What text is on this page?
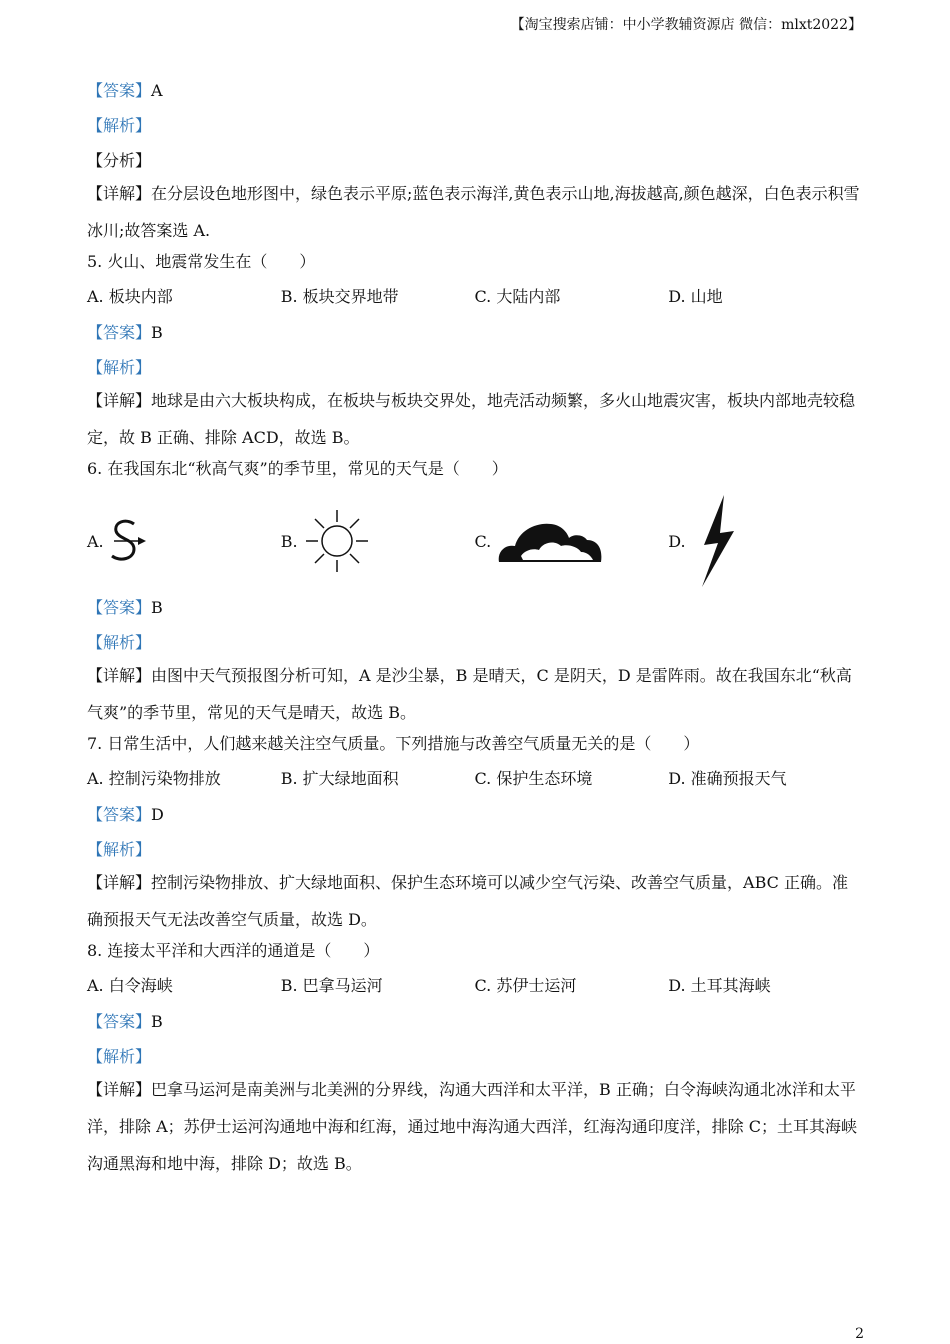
【淘宝搜索店铺：中小学教辅资源店 微信：mlxt2022】
【答案】A
【解析】
【分析】

【详解】在分层设色地形图中，绿色表示平原;蓝色表示海洋,黄色表示山地,海拔越高,颜色越深，白色表示积雪冰川;故答案选 A.

5. 火山、地震常发生在（　　）
A. 板块内部	B. 板块交界地带	C. 大陆内部	D. 山地
【答案】B
【解析】

【详解】地球是由六大板块构成，在板块与板块交界处，地壳活动频繁，多火山地震灾害，板块内部地壳较稳定，故 B 正确、排除 ACD，故选 B。

6. 在我国东北“秋高气爽”的季节里，常见的天气是（　　）
A.	B.	C.	D.
【答案】B
【解析】

【详解】由图中天气预报图分析可知，A 是沙尘暴，B 是晴天，C 是阴天，D 是雷阵雨。故在我国东北“秋高气爽”的季节里，常见的天气是晴天，故选 B。

7. 日常生活中，人们越来越关注空气质量。下列措施与改善空气质量无关的是（　　）
A. 控制污染物排放	B. 扩大绿地面积	C. 保护生态环境	D. 准确预报天气
【答案】D
【解析】

【详解】控制污染物排放、扩大绿地面积、保护生态环境可以减少空气污染、改善空气质量，ABC 正确。准确预报天气无法改善空气质量，故选 D。

8. 连接太平洋和大西洋的通道是（　　）
A. 白令海峡	B. 巴拿马运河	C. 苏伊士运河	D. 土耳其海峡
【答案】B
【解析】

【详解】巴拿马运河是南美洲与北美洲的分界线，沟通大西洋和太平洋，B 正确；白令海峡沟通北冰洋和太平洋，排除 A；苏伊士运河沟通地中海和红海，通过地中海沟通大西洋，红海沟通印度洋，排除 C；土耳其海峡沟通黑海和地中海，排除 D；故选 B。

2
